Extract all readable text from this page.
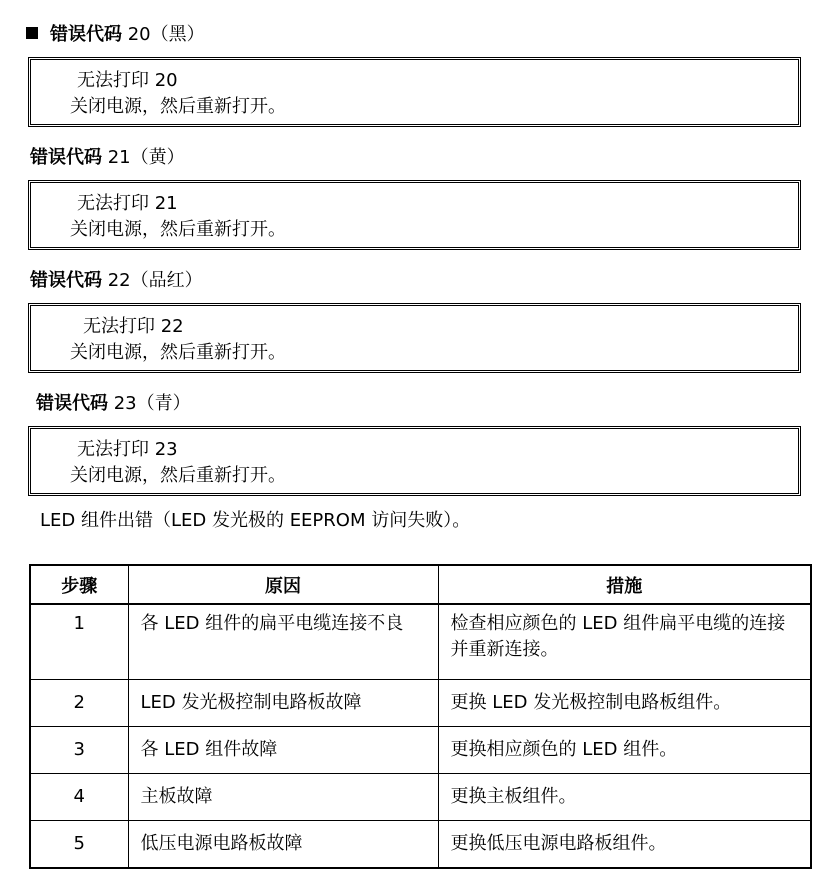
错误代码 20（黑）
无法打印 20
关闭电源，然后重新打开。
错误代码 21（黄）
无法打印 21
关闭电源，然后重新打开。
错误代码 22（品红）
无法打印 22
关闭电源，然后重新打开。
错误代码 23（青）
无法打印 23
关闭电源，然后重新打开。
LED 组件出错（LED 发光极的 EEPROM 访问失败）。
步骤	原因	措施
1	各 LED 组件的扁平电缆连接不良	检查相应颜色的 LED 组件扁平电缆的连接并重新连接。
2	LED 发光极控制电路板故障	更换 LED 发光极控制电路板组件。
3	各 LED 组件故障	更换相应颜色的 LED 组件。
4	主板故障	更换主板组件。
5	低压电源电路板故障	更换低压电源电路板组件。
